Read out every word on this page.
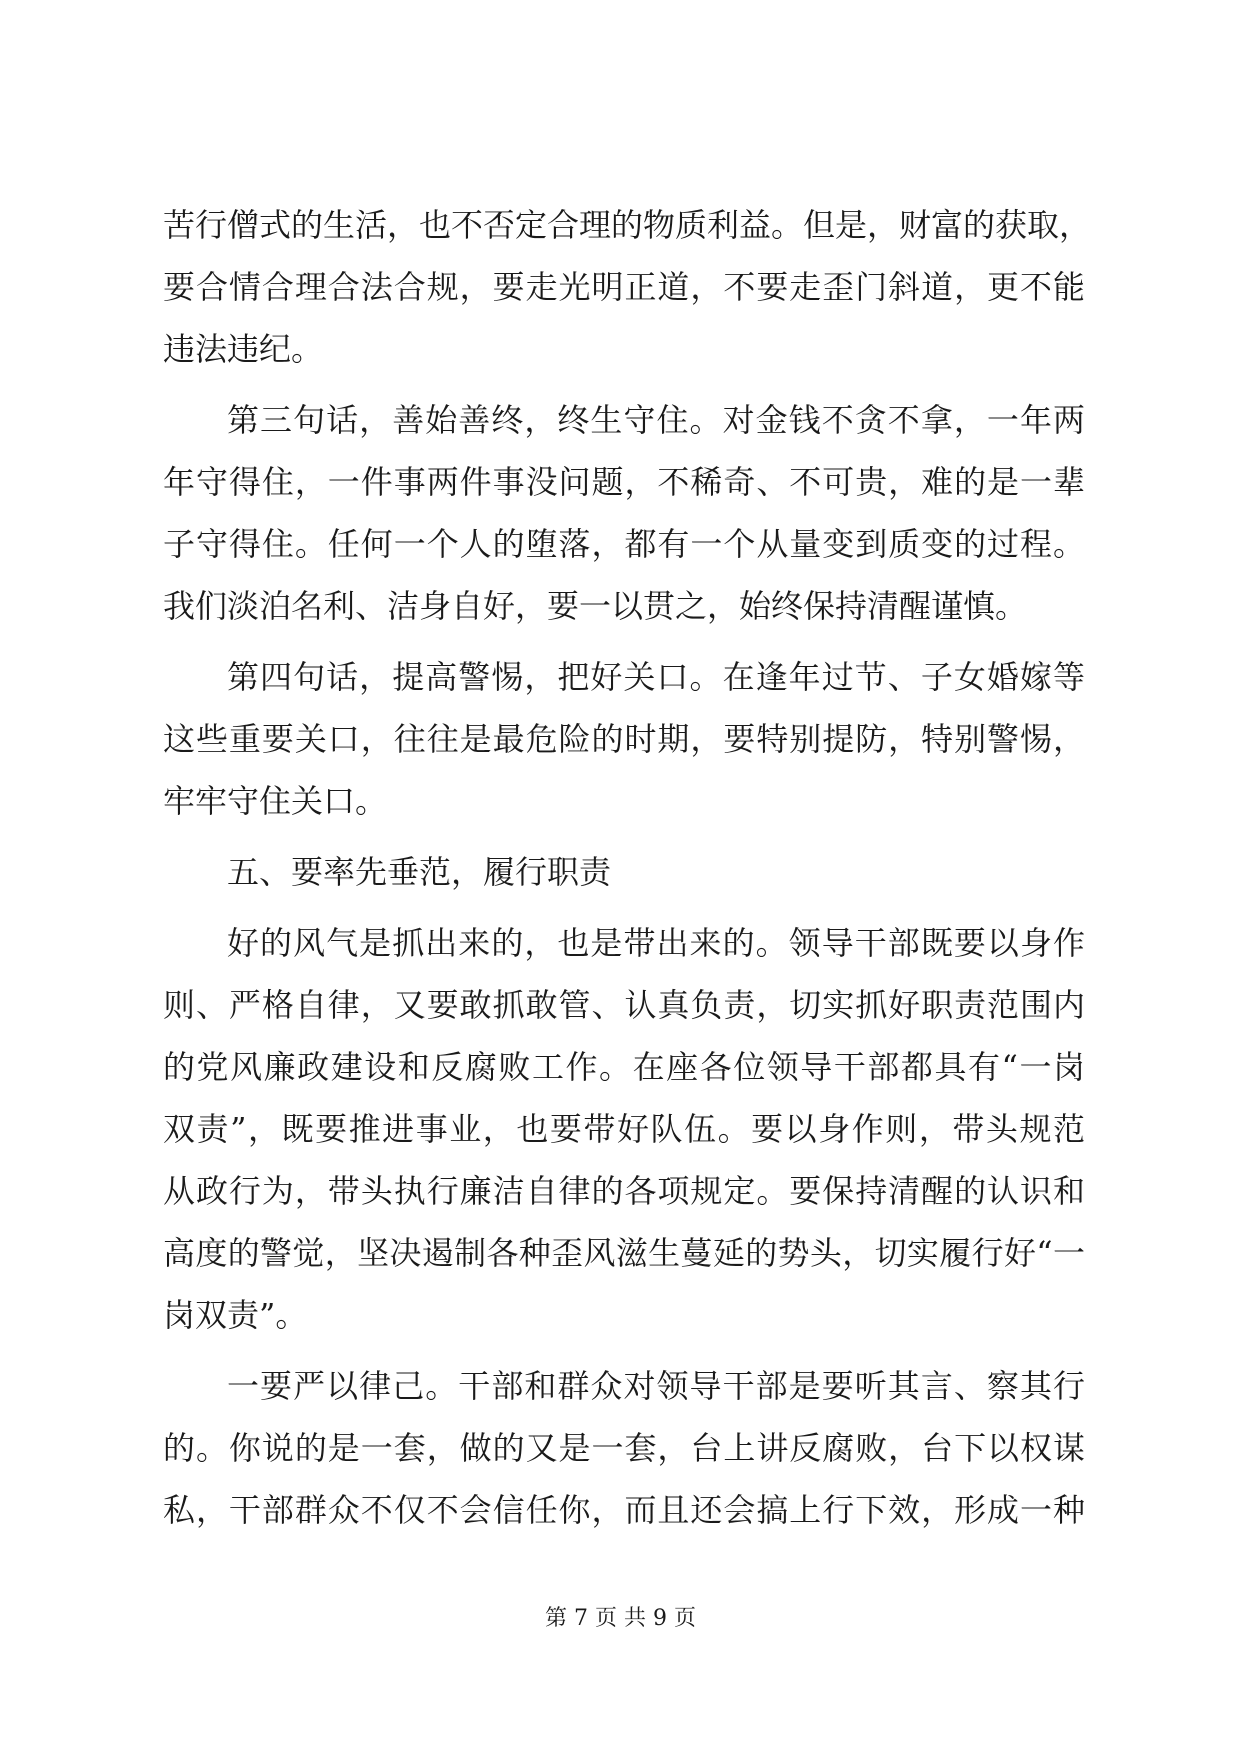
苦行僧式的生活，也不否定合理的物质利益。但是，财富的获取，
要合情合理合法合规，要走光明正道，不要走歪门斜道，更不能
违法违纪。
第三句话，善始善终，终生守住。对金钱不贪不拿，一年两
年守得住，一件事两件事没问题，不稀奇、不可贵，难的是一辈
子守得住。任何一个人的堕落，都有一个从量变到质变的过程。
我们淡泊名利、洁身自好，要一以贯之，始终保持清醒谨慎。
第四句话，提高警惕，把好关口。在逢年过节、子女婚嫁等
这些重要关口，往往是最危险的时期，要特别提防，特别警惕，
牢牢守住关口。
五、要率先垂范，履行职责
好的风气是抓出来的，也是带出来的。领导干部既要以身作
则、严格自律，又要敢抓敢管、认真负责，切实抓好职责范围内
的党风廉政建设和反腐败工作。在座各位领导干部都具有“一岗
双责”，既要推进事业，也要带好队伍。要以身作则，带头规范
从政行为，带头执行廉洁自律的各项规定。要保持清醒的认识和
高度的警觉，坚决遏制各种歪风滋生蔓延的势头，切实履行好“一
岗双责”。
一要严以律己。干部和群众对领导干部是要听其言、察其行
的。你说的是一套，做的又是一套，台上讲反腐败，台下以权谋
私，干部群众不仅不会信任你，而且还会搞上行下效，形成一种
第 7 页 共 9 页
